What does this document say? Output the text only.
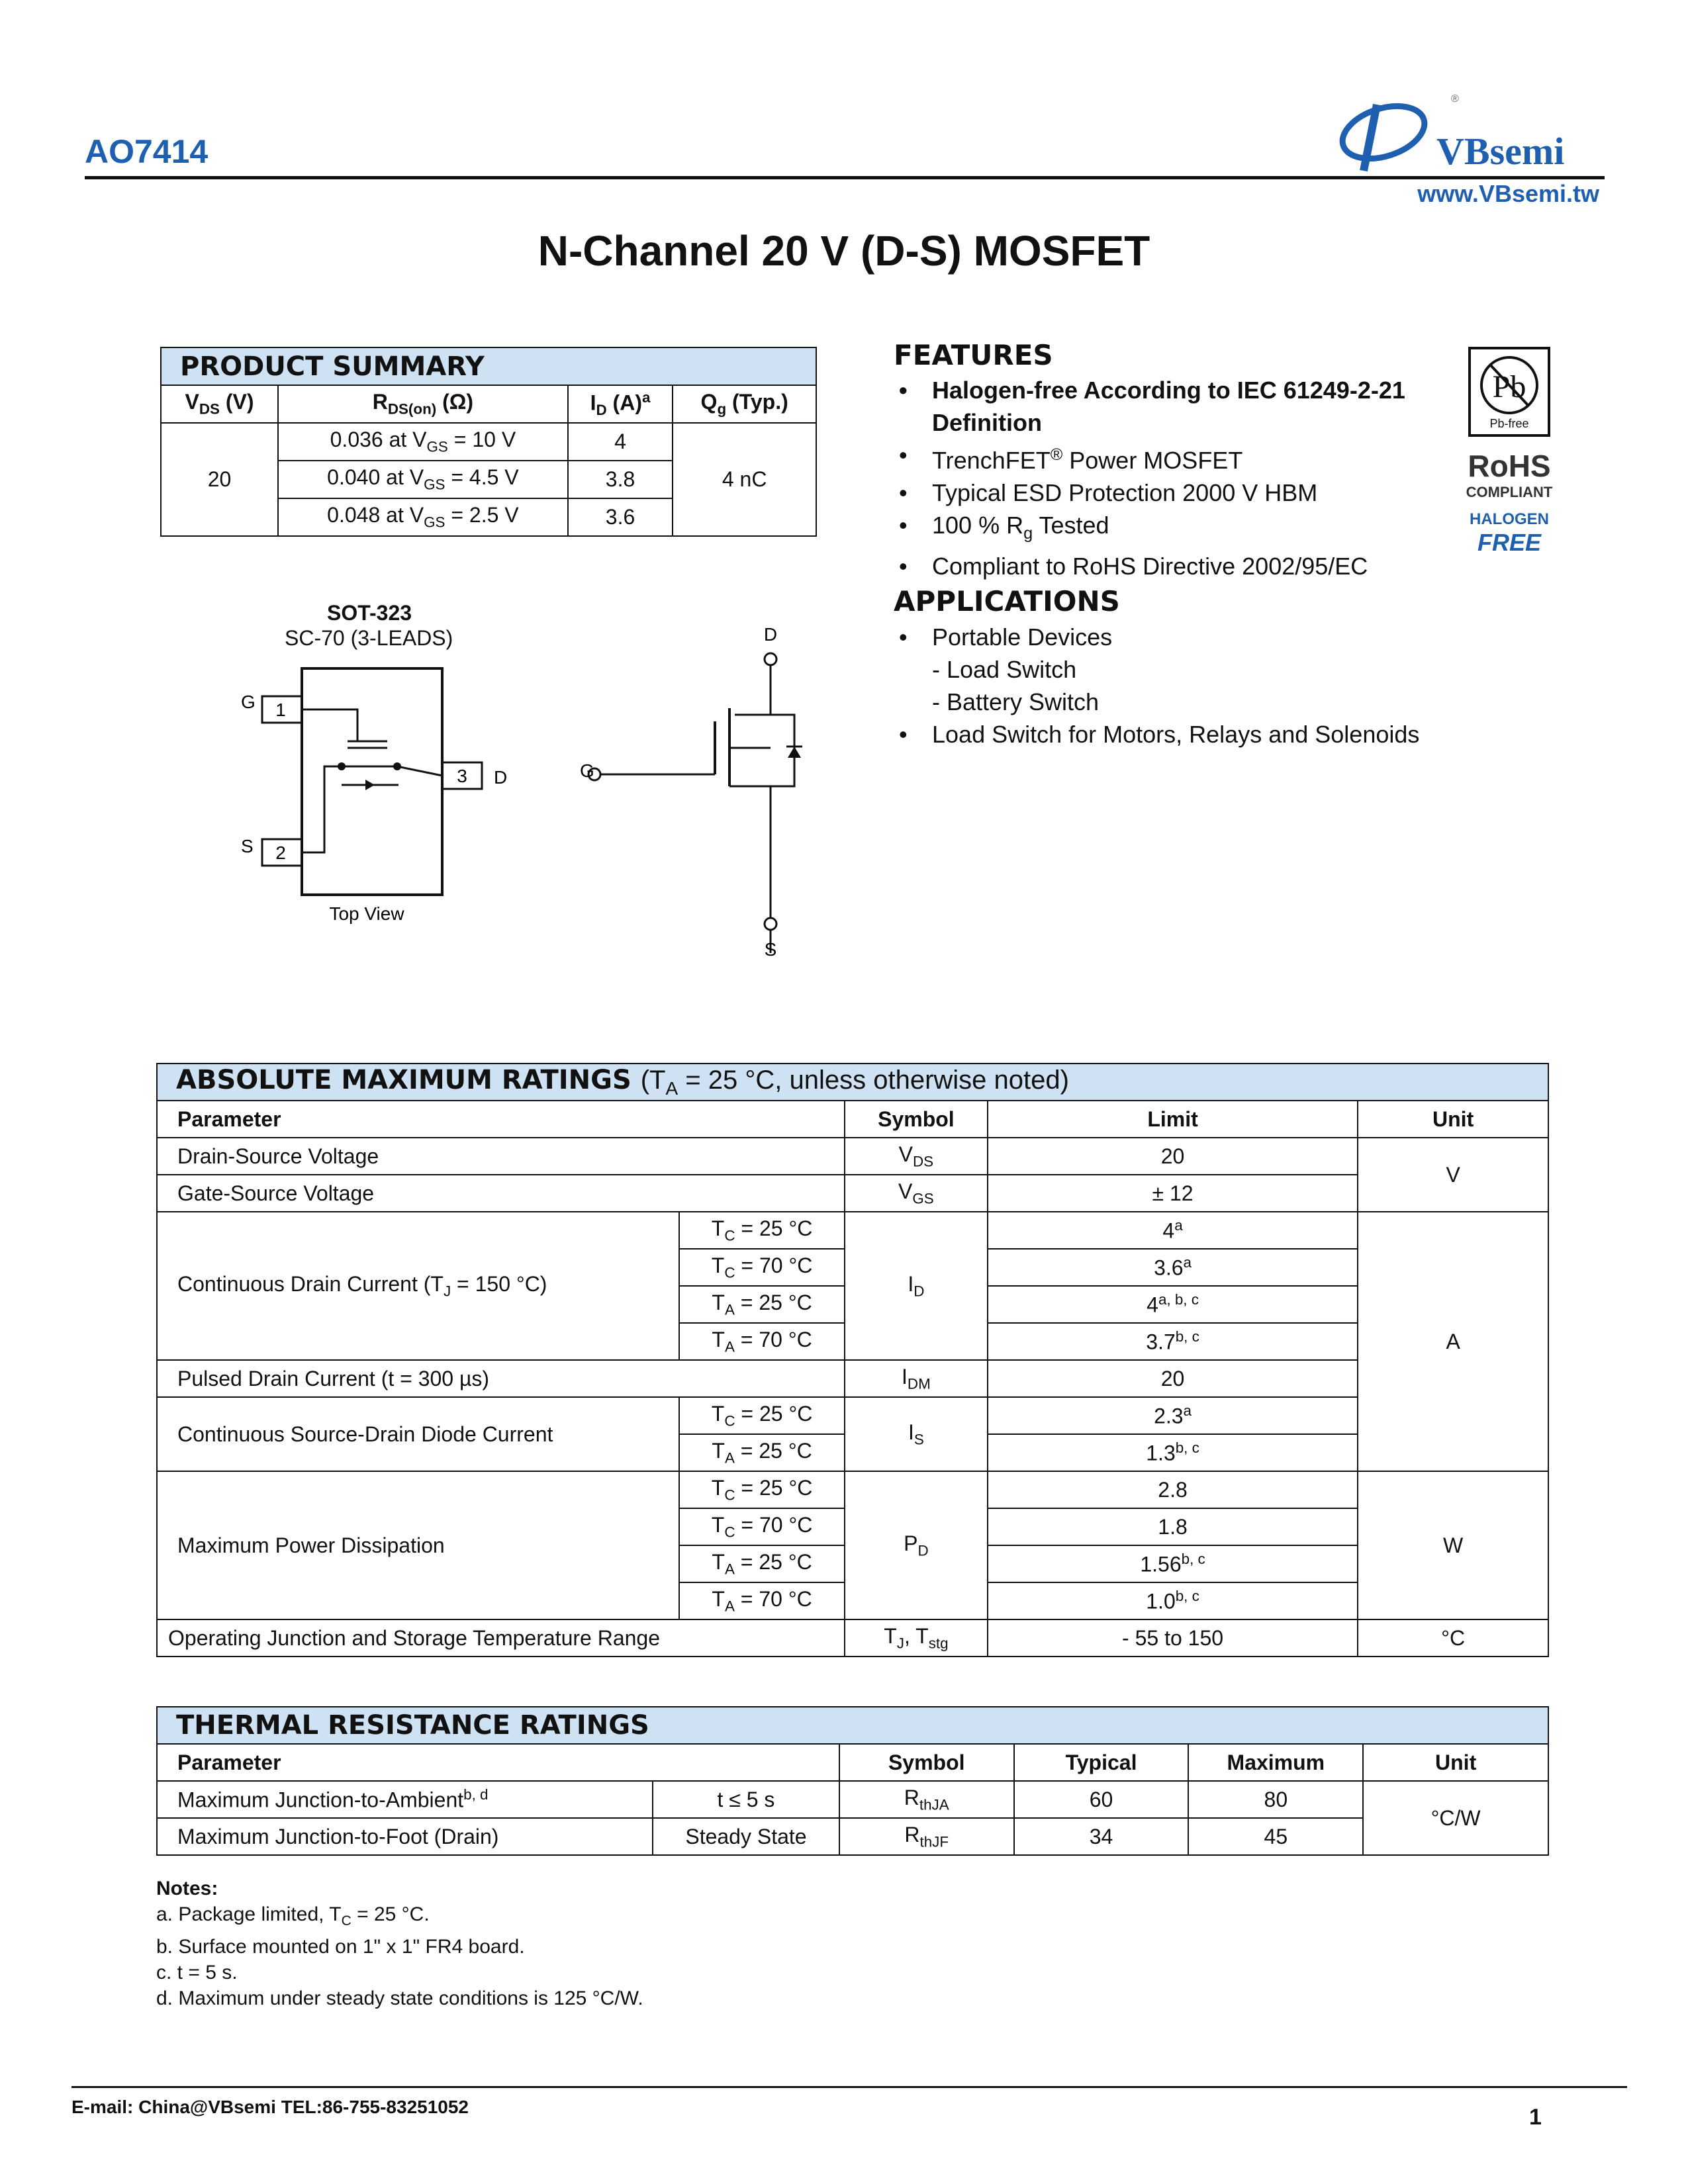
AO7414	VBsemi
®
www.VBsemi.tw
N-Channel 20 V (D-S) MOSFET
PRODUCT SUMMARY			
$V_{DS}$ (V)	$R_{DS(on)}$ (Ω)	$I_D$ $(A)^a$	$Q_g$ (Typ.)
20	0.036 at $V_{GS} = 10$ V	4	4 nC
	0.040 at $V_{GS} = 4.5$ V	3.8	
	0.048 at $V_{GS} = 2.5$ V	3.6	
FEATURES
• Halogen-free According to IEC 61249-2-21
Definition
• TrenchFET® Power MOSFET
• Typical ESD Protection 2000 V HBM
• 100 % $R_g$ Tested
• Compliant to RoHS Directive 2002/95/EC
Pb
Pb-free
RoHS
COMPLIANT
HALOGEN
FREE
APPLICATIONS
• Portable Devices
- Load Switch
- Battery Switch
• Load Switch for Motors, Relays and Solenoids
SOT-323
SC-70 (3-LEADS)
1
2
3
G
S
D
Top View
D
G
S
ABSOLUTE MAXIMUM RATINGS ($T_A = 25$ °C, unless otherwise noted)				
Parameter		Symbol	Limit	Unit
Drain-Source Voltage		$V_{DS}$	20	V
Gate-Source Voltage		$V_{GS}$	± 12	
Continuous Drain Current ($T_J = 150$ °C)	$T_C = 25$ °C	$I_D$	4$^a$	A
	$T_C = 70$ °C		3.6$^a$
	$T_A = 25$ °C		4$^{a, b, c}$
	$T_A = 70$ °C		3.7$^{b, c}$
Pulsed Drain Current (t = 300 µs)		$I_{DM}$	20	
Continuous Source-Drain Diode Current	$T_C = 25$ °C	$I_S$	2.3$^a$
	$T_A = 25$ °C		1.3$^{b, c}$
Maximum Power Dissipation	$T_C = 25$ °C	$P_D$	2.8	W
	$T_C = 70$ °C		1.8	
	$T_A = 25$ °C		1.56$^{b, c}$
	$T_A = 70$ °C		1.0$^{b, c}$
Operating Junction and Storage Temperature Range		$T_J$, $T_{stg}$	- 55 to 150	°C
THERMAL RESISTANCE RATINGS					
Parameter		Symbol	Typical	Maximum	Unit
Maximum Junction-to-Ambient$^{b, d}$	t ≤ 5 s	$R_{thJA}$	60	80	°C/W
Maximum Junction-to-Foot (Drain)	Steady State	$R_{thJF}$	34	45	
Notes:
a. Package limited, $T_C = 25$ °C.
b. Surface mounted on 1" x 1" FR4 board.
c. t = 5 s.
d. Maximum under steady state conditions is 125 °C/W.
E-mail: China@VBsemi TEL:86-755-83251052	1
